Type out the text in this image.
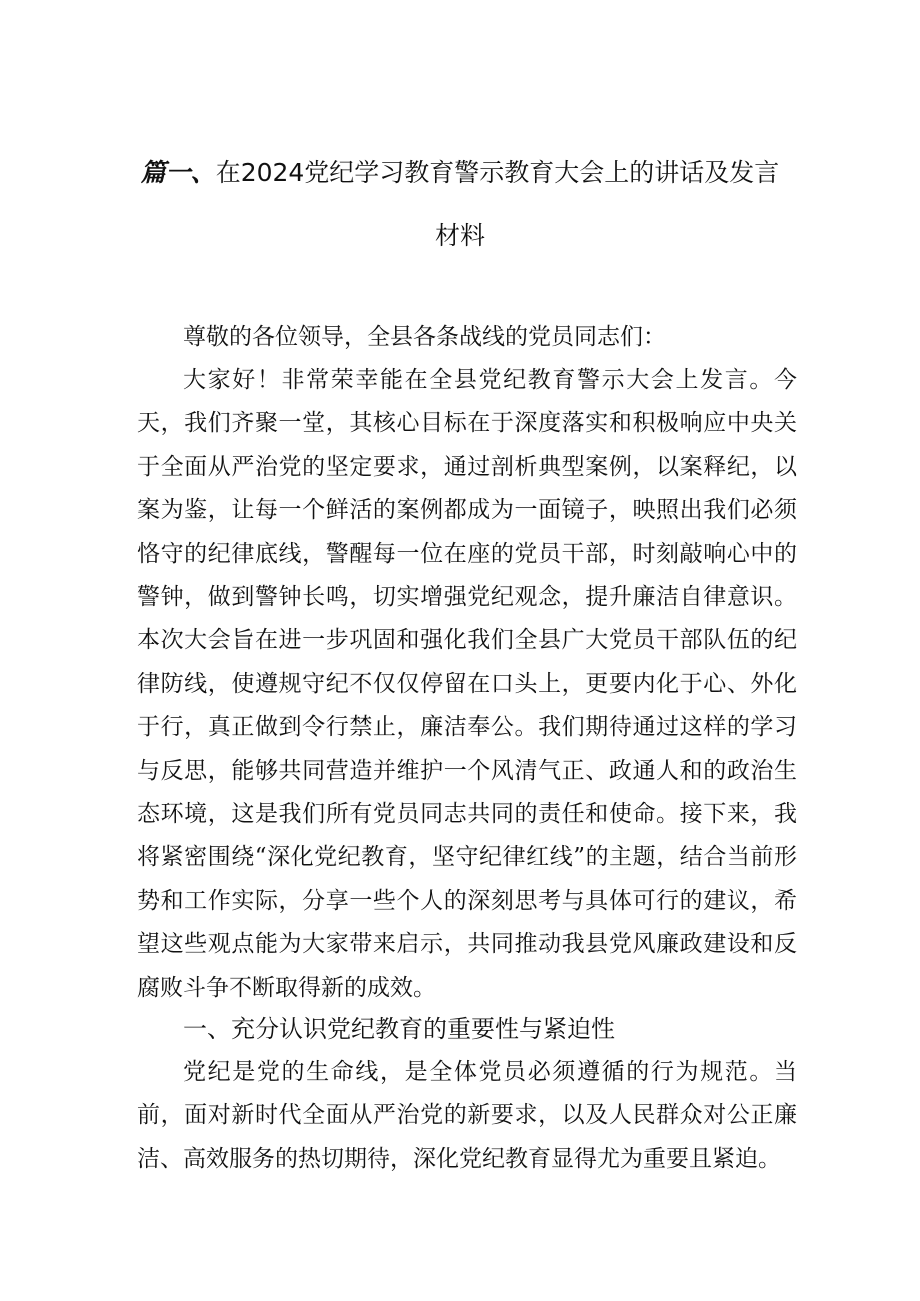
篇一、在2024党纪学习教育警示教育大会上的讲话及发言
材料

尊敬的各位领导，全县各条战线的党员同志们：

大家好！非常荣幸能在全县党纪教育警示大会上发言。今天，我们齐聚一堂，其核心目标在于深度落实和积极响应中央关于全面从严治党的坚定要求，通过剖析典型案例，以案释纪，以案为鉴，让每一个鲜活的案例都成为一面镜子，映照出我们必须恪守的纪律底线，警醒每一位在座的党员干部，时刻敲响心中的警钟，做到警钟长鸣，切实增强党纪观念，提升廉洁自律意识。本次大会旨在进一步巩固和强化我们全县广大党员干部队伍的纪律防线，使遵规守纪不仅仅停留在口头上，更要内化于心、外化于行，真正做到令行禁止，廉洁奉公。我们期待通过这样的学习与反思，能够共同营造并维护一个风清气正、政通人和的政治生态环境，这是我们所有党员同志共同的责任和使命。接下来，我将紧密围绕“深化党纪教育，坚守纪律红线”的主题，结合当前形势和工作实际，分享一些个人的深刻思考与具体可行的建议，希望这些观点能为大家带来启示，共同推动我县党风廉政建设和反腐败斗争不断取得新的成效。

一、充分认识党纪教育的重要性与紧迫性

党纪是党的生命线，是全体党员必须遵循的行为规范。当前，面对新时代全面从严治党的新要求，以及人民群众对公正廉洁、高效服务的热切期待，深化党纪教育显得尤为重要且紧迫。
